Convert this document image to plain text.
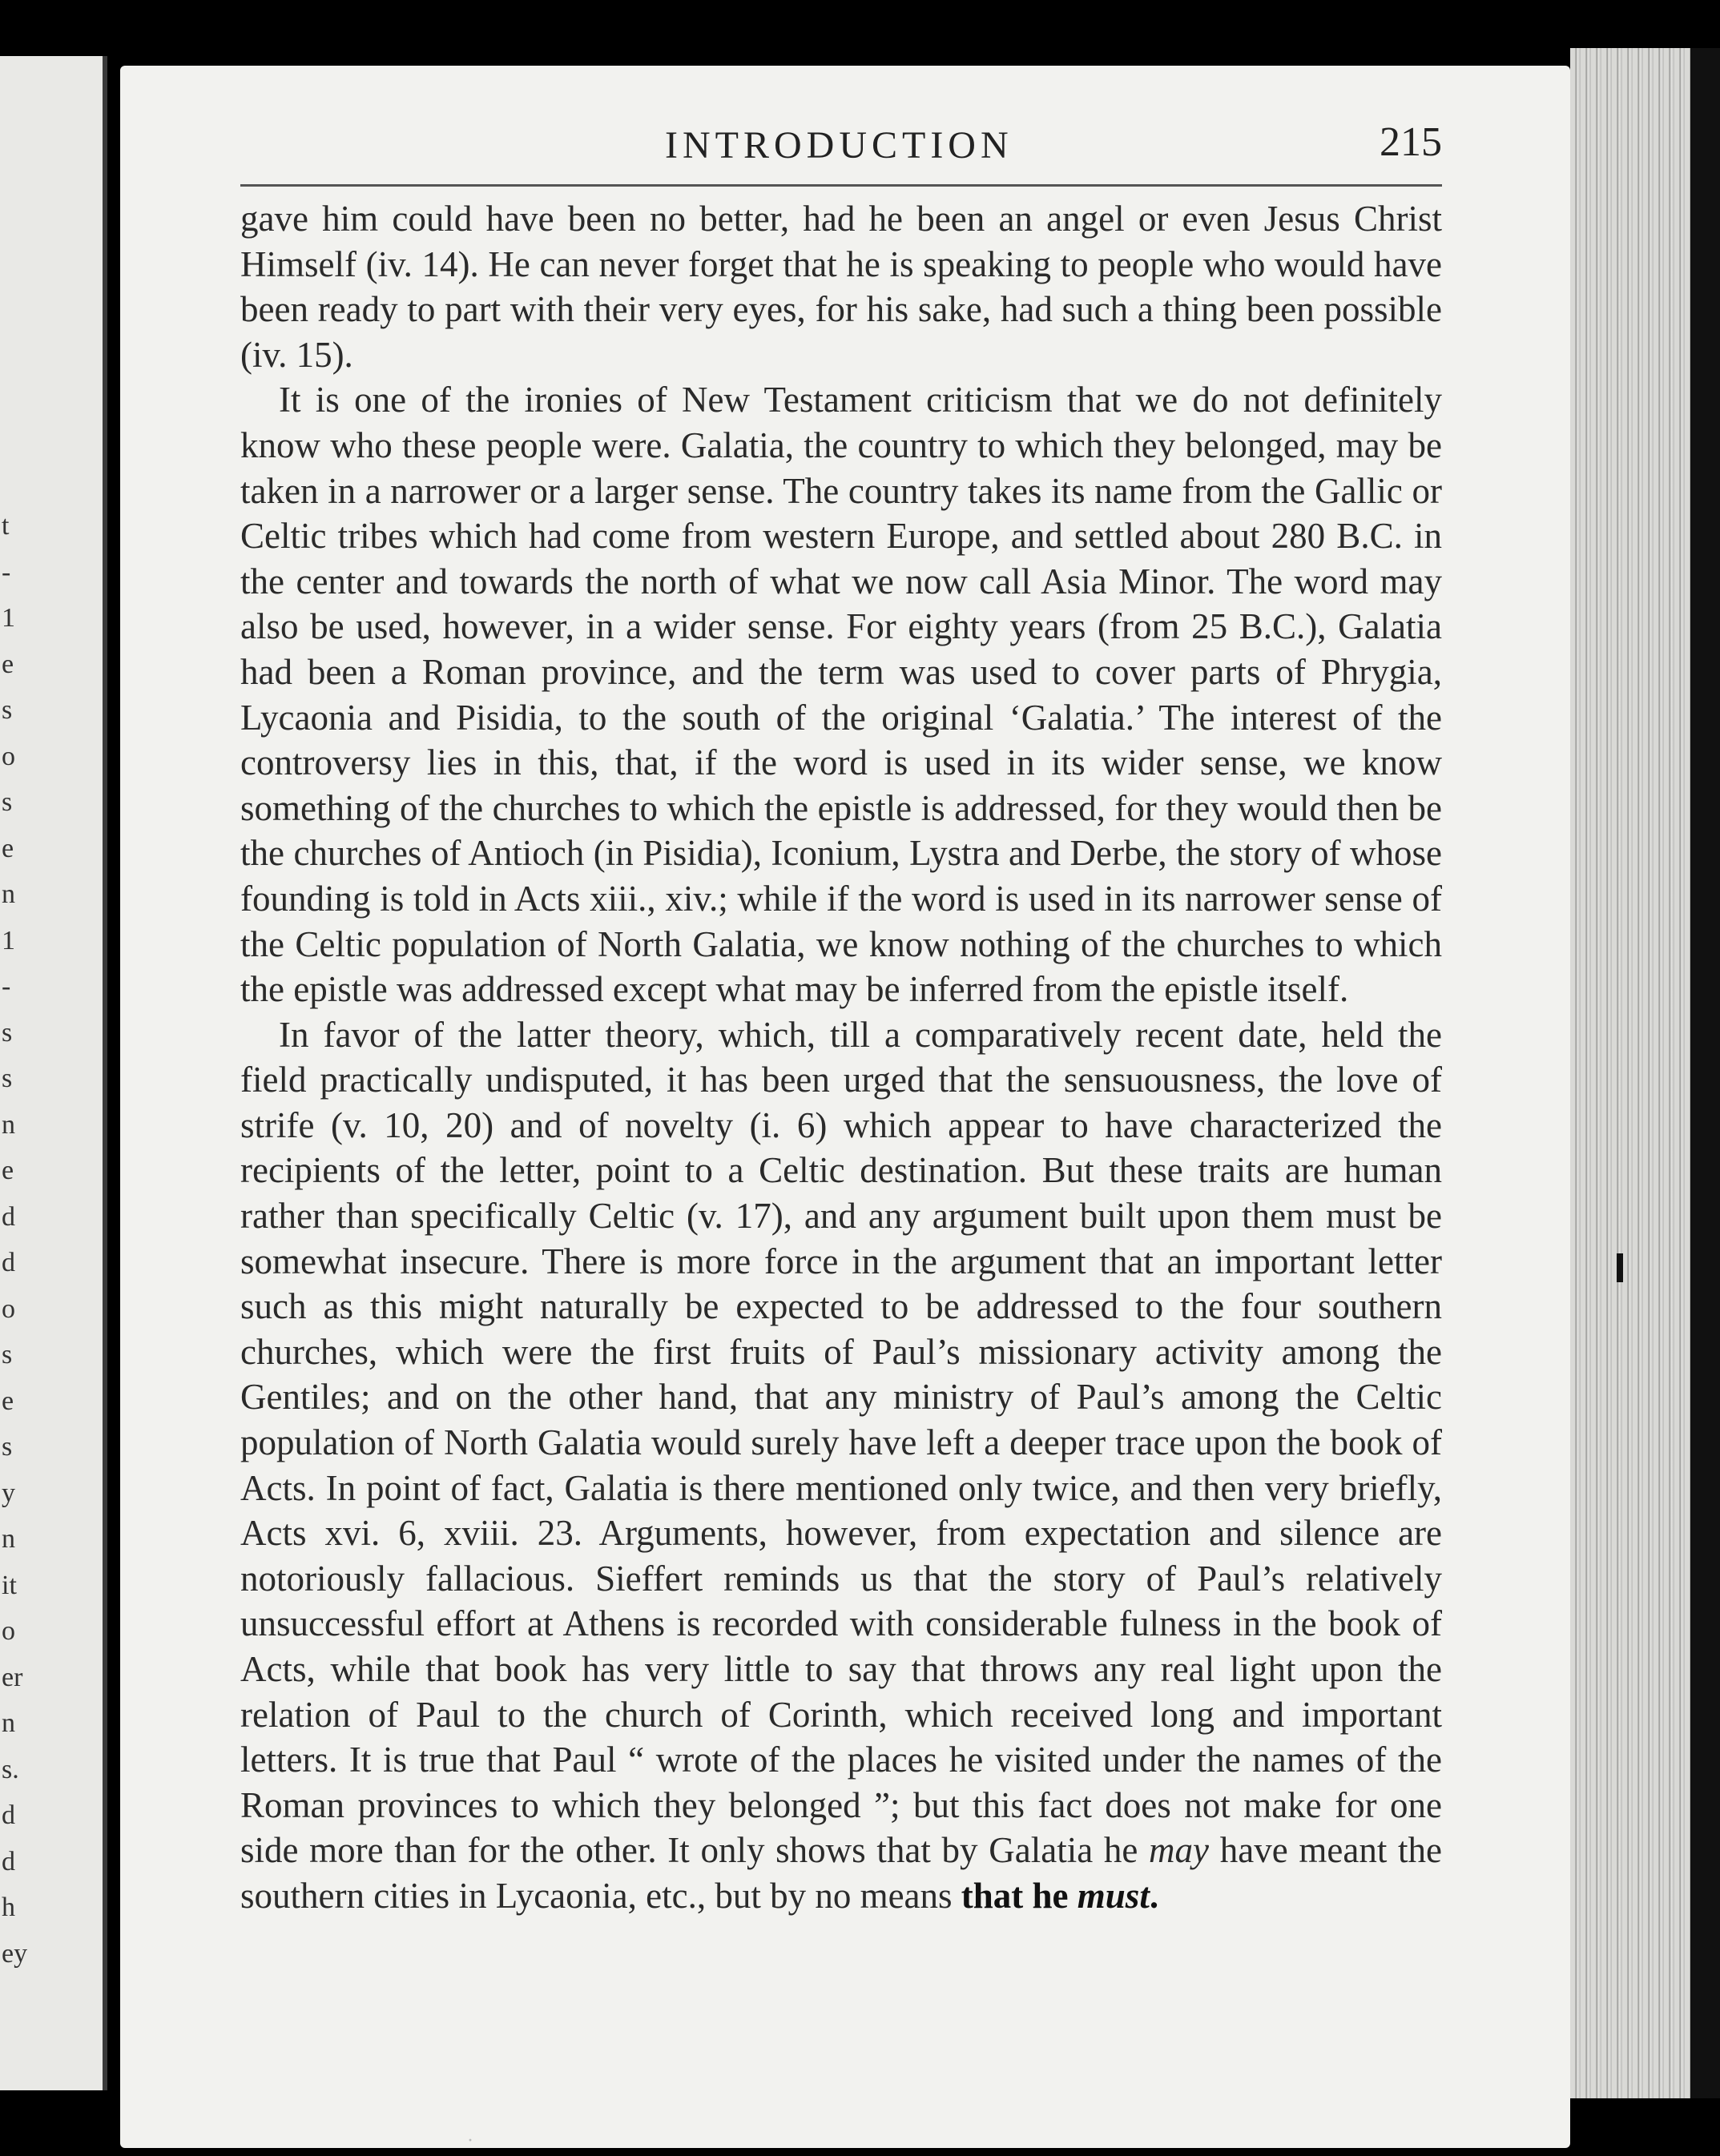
t
-
1
e
s
o
s
e
n
1
-
s
s
n
e
d
d
o
s
e
s
y
n
it
o
er
n
s.
d
d
h
ey
INTRODUCTION	215

gave him could have been no better, had he been an angel or even Jesus Christ Himself (iv. 14). He can never forget that he is speaking to people who would have been ready to part with their very eyes, for his sake, had such a thing been possible (iv. 15).

It is one of the ironies of New Testament criticism that we do not definitely know who these people were. Galatia, the country to which they belonged, may be taken in a narrower or a larger sense. The country takes its name from the Gallic or Celtic tribes which had come from western Europe, and settled about 280 B.C. in the center and towards the north of what we now call Asia Minor. The word may also be used, however, in a wider sense. For eighty years (from 25 B.C.), Galatia had been a Roman province, and the term was used to cover parts of Phrygia, Lycaonia and Pisidia, to the south of the original ‘Galatia.’ The interest of the controversy lies in this, that, if the word is used in its wider sense, we know something of the churches to which the epistle is addressed, for they would then be the churches of Antioch (in Pisidia), Iconium, Lystra and Derbe, the story of whose founding is told in Acts xiii., xiv.; while if the word is used in its narrower sense of the Celtic population of North Galatia, we know nothing of the churches to which the epistle was addressed except what may be inferred from the epistle itself.

In favor of the latter theory, which, till a comparatively recent date, held the field practically undisputed, it has been urged that the sensuousness, the love of strife (v. 10, 20) and of novelty (i. 6) which appear to have characterized the recipients of the letter, point to a Celtic destination. But these traits are human rather than specifically Celtic (v. 17), and any argument built upon them must be somewhat insecure. There is more force in the argument that an important letter such as this might naturally be expected to be addressed to the four southern churches, which were the first fruits of Paul’s missionary activity among the Gentiles; and on the other hand, that any ministry of Paul’s among the Celtic population of North Galatia would surely have left a deeper trace upon the book of Acts. In point of fact, Galatia is there mentioned only twice, and then very briefly, Acts xvi. 6, xviii. 23. Arguments, however, from expectation and silence are notoriously fallacious. Sieffert reminds us that the story of Paul’s relatively unsuccessful effort at Athens is recorded with considerable fulness in the book of Acts, while that book has very little to say that throws any real light upon the relation of Paul to the church of Corinth, which received long and important letters. It is true that Paul “ wrote of the places he visited under the names of the Roman provinces to which they belonged ”; but this fact does not make for one side more than for the other. It only shows that by Galatia he may have meant the southern cities in Lycaonia, etc., but by no means that he must.

·
